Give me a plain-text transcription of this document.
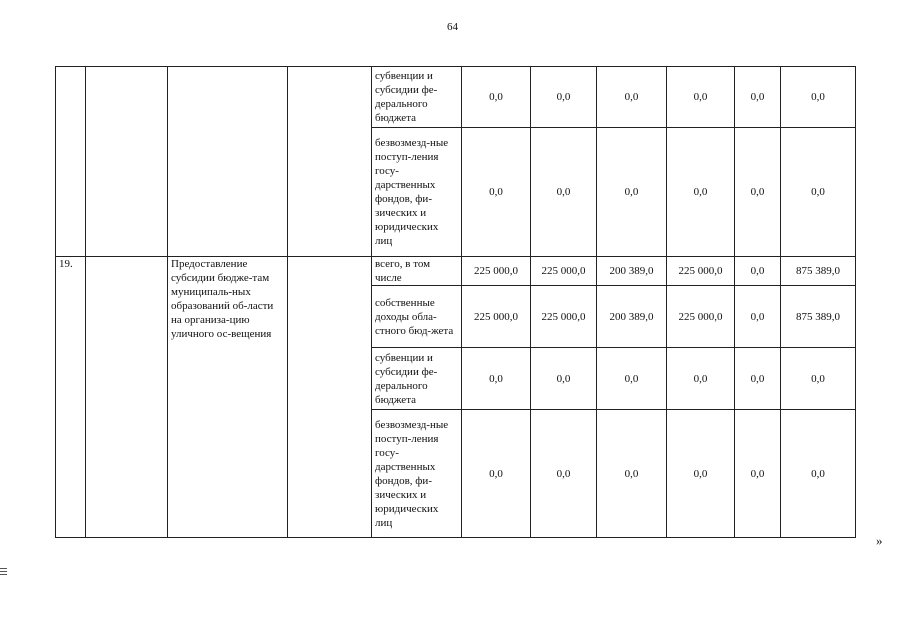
64
				субвенции и субсидии фе-дерального бюджета	0,0	0,0	0,0	0,0	0,0	0,0
				безвозмезд-ные поступ-ления госу-дарственных фондов, фи-зических и юридических лиц	0,0	0,0	0,0	0,0	0,0	0,0
19.		Предоставление субсидии бюдже-там муниципаль-ных образований об-ласти на организа-цию уличного ос-вещения		всего, в том числе	225 000,0	225 000,0	200 389,0	225 000,0	0,0	875 389,0
				собственные доходы обла-стного бюд-жета	225 000,0	225 000,0	200 389,0	225 000,0	0,0	875 389,0
				субвенции и субсидии фе-дерального бюджета	0,0	0,0	0,0	0,0	0,0	0,0
				безвозмезд-ные поступ-ления госу-дарственных фондов, фи-зических и юридических лиц	0,0	0,0	0,0	0,0	0,0	0,0
»
